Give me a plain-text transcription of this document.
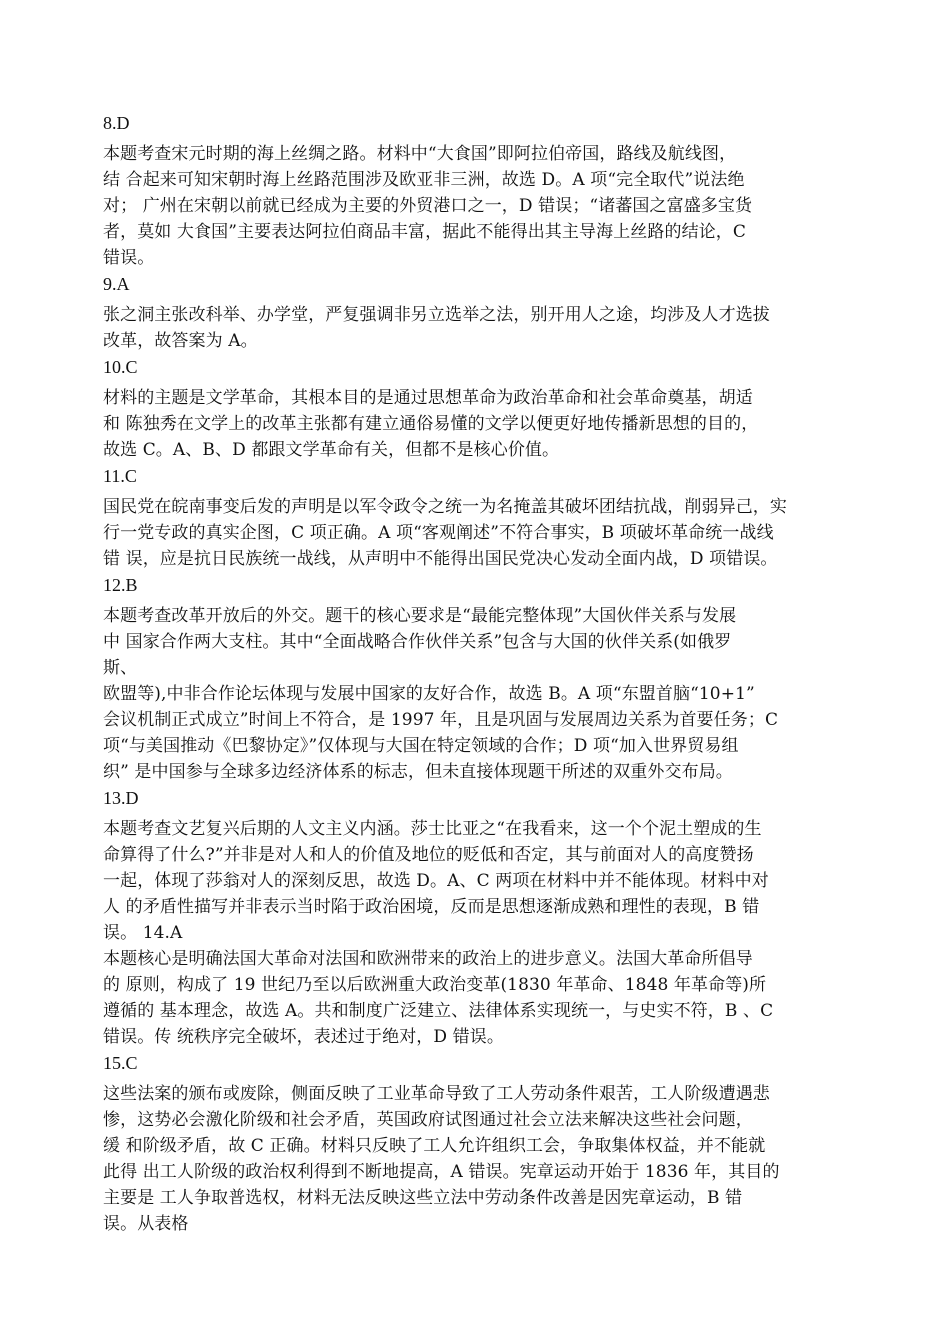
8.D
本题考查宋元时期的海上丝绸之路。材料中“大食国”即阿拉伯帝国，路线及航线图，
结 合起来可知宋朝时海上丝路范围涉及欧亚非三洲，故选 D。A 项“完全取代”说法绝
对； 广州在宋朝以前就已经成为主要的外贸港口之一，D 错误；“诸蕃国之富盛多宝货
者，莫如 大食国”主要表达阿拉伯商品丰富，据此不能得出其主导海上丝路的结论，C
错误。
9.A
张之洞主张改科举、办学堂，严复强调非另立选举之法，别开用人之途，均涉及人才选拔
改革，故答案为 A。
10.C
材料的主题是文学革命，其根本目的是通过思想革命为政治革命和社会革命奠基，胡适
和 陈独秀在文学上的改革主张都有建立通俗易懂的文学以便更好地传播新思想的目的，
故选 C。A、B、D 都跟文学革命有关，但都不是核心价值。
11.C
国民党在皖南事变后发的声明是以军令政令之统一为名掩盖其破坏团结抗战，削弱异己，实
行一党专政的真实企图，C 项正确。A 项“客观阐述”不符合事实，B 项破坏革命统一战线
错 误，应是抗日民族统一战线，从声明中不能得出国民党决心发动全面内战，D 项错误。
12.B
本题考查改革开放后的外交。题干的核心要求是“最能完整体现”大国伙伴关系与发展
中 国家合作两大支柱。其中“全面战略合作伙伴关系”包含与大国的伙伴关系(如俄罗
斯、
欧盟等),中非合作论坛体现与发展中国家的友好合作，故选 B。A 项“东盟首脑“10+1”
会议机制正式成立”时间上不符合，是 1997 年，且是巩固与发展周边关系为首要任务；C
项“与美国推动《巴黎协定》”仅体现与大国在特定领域的合作；D 项“加入世界贸易组
织” 是中国参与全球多边经济体系的标志，但未直接体现题干所述的双重外交布局。
13.D
本题考查文艺复兴后期的人文主义内涵。莎士比亚之“在我看来，这一个个泥土塑成的生
命算得了什么?”并非是对人和人的价值及地位的贬低和否定，其与前面对人的高度赞扬
一起，体现了莎翁对人的深刻反思，故选 D。A、C 两项在材料中并不能体现。材料中对
人 的矛盾性描写并非表示当时陷于政治困境，反而是思想逐渐成熟和理性的表现，B 错
误。 14.A
本题核心是明确法国大革命对法国和欧洲带来的政治上的进步意义。法国大革命所倡导
的 原则，构成了 19 世纪乃至以后欧洲重大政治变革(1830 年革命、1848 年革命等)所
遵循的 基本理念，故选 A。共和制度广泛建立、法律体系实现统一，与史实不符，B 、C
错误。传 统秩序完全破坏，表述过于绝对，D 错误。
15.C
这些法案的颁布或废除，侧面反映了工业革命导致了工人劳动条件艰苦，工人阶级遭遇悲
惨，这势必会激化阶级和社会矛盾，英国政府试图通过社会立法来解决这些社会问题，
缓 和阶级矛盾，故 C 正确。材料只反映了工人允许组织工会，争取集体权益，并不能就
此得 出工人阶级的政治权利得到不断地提高，A 错误。宪章运动开始于 1836 年，其目的
主要是 工人争取普选权，材料无法反映这些立法中劳动条件改善是因宪章运动，B 错
误。从表格
